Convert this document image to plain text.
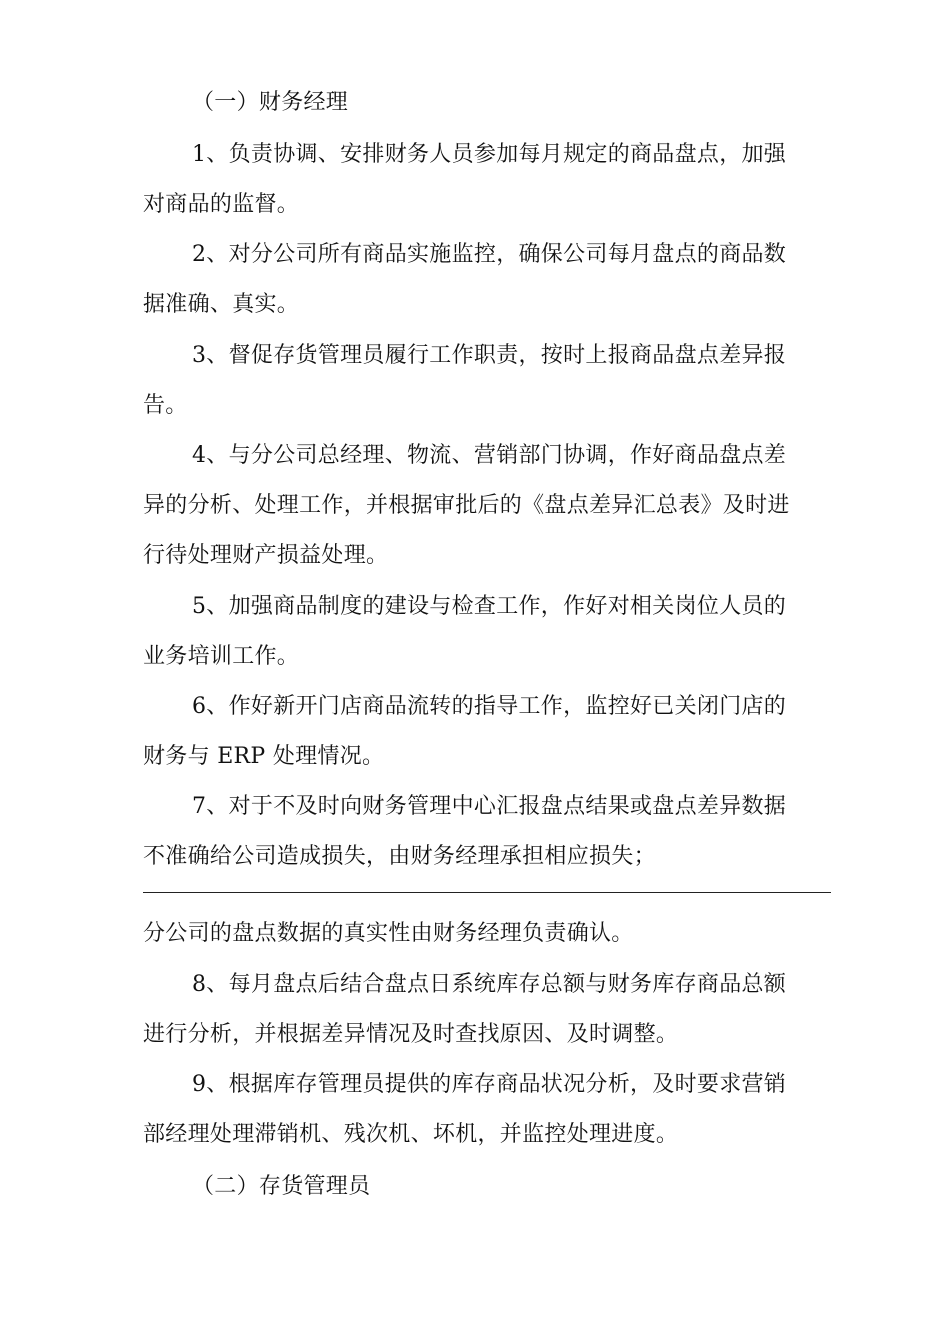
（一）财务经理
1、负责协调、安排财务人员参加每月规定的商品盘点，加强
对商品的监督。
2、对分公司所有商品实施监控，确保公司每月盘点的商品数
据准确、真实。
3、督促存货管理员履行工作职责，按时上报商品盘点差异报
告。
4、与分公司总经理、物流、营销部门协调，作好商品盘点差
异的分析、处理工作，并根据审批后的《盘点差异汇总表》及时进
行待处理财产损益处理。
5、加强商品制度的建设与检查工作，作好对相关岗位人员的
业务培训工作。
6、作好新开门店商品流转的指导工作，监控好已关闭门店的
财务与 ERP 处理情况。
7、对于不及时向财务管理中心汇报盘点结果或盘点差异数据
不准确给公司造成损失，由财务经理承担相应损失；
分公司的盘点数据的真实性由财务经理负责确认。
8、每月盘点后结合盘点日系统库存总额与财务库存商品总额
进行分析，并根据差异情况及时查找原因、及时调整。
9、根据库存管理员提供的库存商品状况分析，及时要求营销
部经理处理滞销机、残次机、坏机，并监控处理进度。
（二）存货管理员
